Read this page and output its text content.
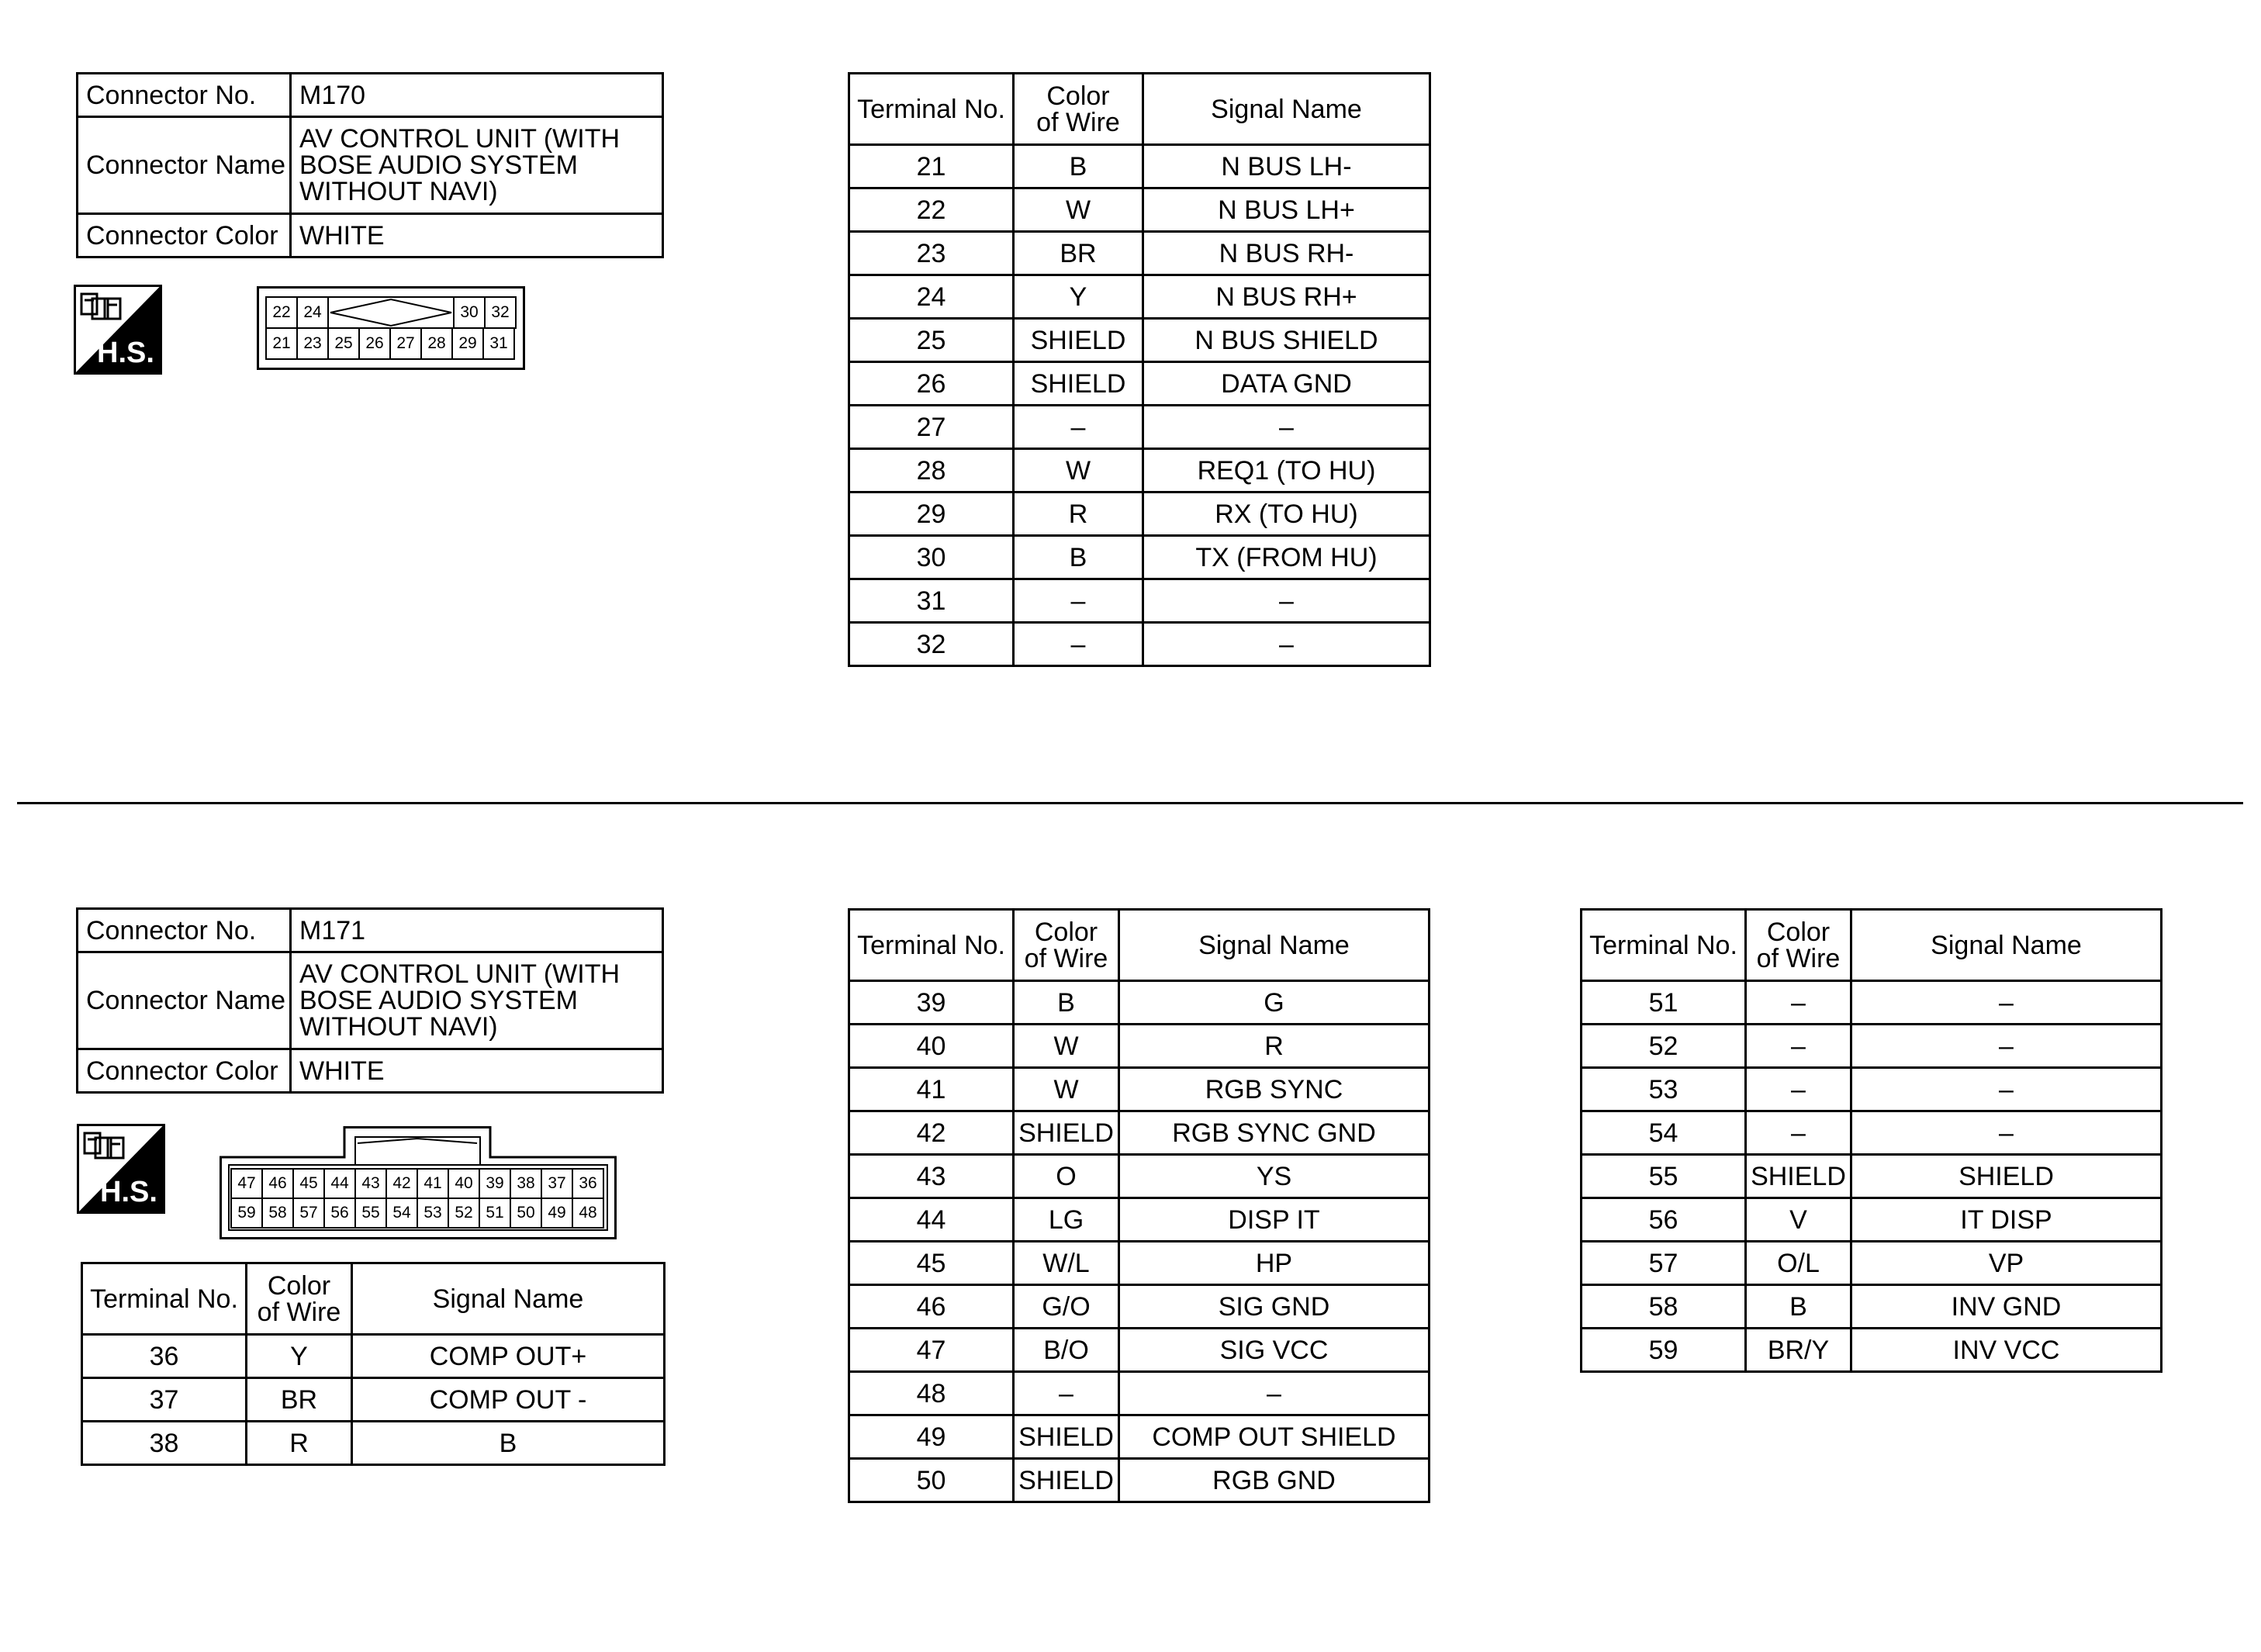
Connector No.	M170
Connector Name	AV CONTROL UNIT (WITH
BOSE AUDIO SYSTEM
WITHOUT NAVI)

Connector Color	WHITE
H.S.
22 24	30 32
21 23 25 26 27 28 29 31
Terminal No.	Color of Wire	Signal Name
21	B	N BUS LH-
22	W	N BUS LH+
23	BR	N BUS RH-
24	Y	N BUS RH+
25	SHIELD	N BUS SHIELD
26	SHIELD	DATA GND
27	–	–
28	W	REQ1 (TO HU)
29	R	RX (TO HU)
30	B	TX (FROM HU)
31	–	–
32	–	–
Connector No.	M171
Connector Name	AV CONTROL UNIT (WITH
BOSE AUDIO SYSTEM
WITHOUT NAVI)

Connector Color	WHITE
H.S.	47 46 45 44 43 42 41 40 39 38 37 36
59 58 57 56 55 54 53 52 51 50 49 48
Terminal No.	Color of Wire	Signal Name
36	Y	COMP OUT+
37	BR	COMP OUT -
38	R	B
Terminal No.	Color of Wire	Signal Name
39	B	G
40	W	R
41	W	RGB SYNC
42	SHIELD	RGB SYNC GND
43	O	YS
44	LG	DISP IT
45	W/L	HP
46	G/O	SIG GND
47	B/O	SIG VCC
48	–	–
49	SHIELD	COMP OUT SHIELD
50	SHIELD	RGB GND
Terminal No.	Color of Wire	Signal Name
51	–	–
52	–	–
53	–	–
54	–	–
55	SHIELD	SHIELD
56	V	IT DISP
57	O/L	VP
58	B	INV GND
59	BR/Y	INV VCC
